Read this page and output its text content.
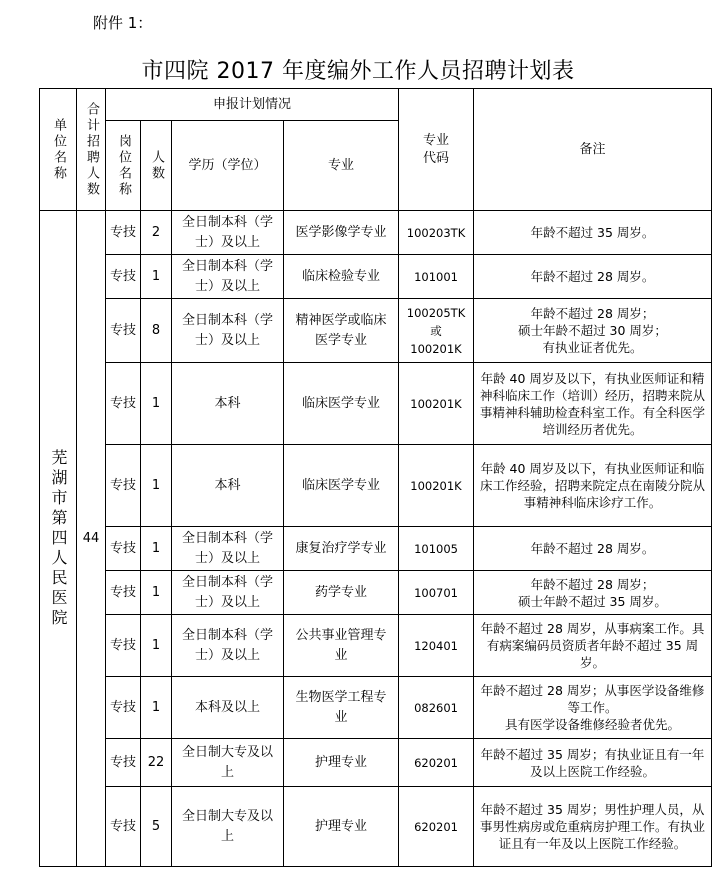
附件 1：
市四院 2017 年度编外工作人员招聘计划表
单位名称	合计招聘人数	申报计划情况				专业代码	备注

		岗位名称	人数	学历（学位）	专业		

芜湖市第四人民医院	44	专技	2	全日制本科（学士）及以上	医学影像学专业	100203TK	年龄不超过 35 周岁。

		专技	1	全日制本科（学士）及以上	临床检验专业	101001	年龄不超过 28 周岁。

		专技	8	全日制本科（学士）及以上	精神医学或临床医学专业	100205TK
或
100201K	年龄不超过 28 周岁；
硕士年龄不超过 30 周岁；
有执业证者优先。

		专技	1	本科	临床医学专业	100201K	年龄 40 周岁及以下，有执业医师证和精神科临床工作（培训）经历，招聘来院从事精神科辅助检查科室工作。有全科医学培训经历者优先。

		专技	1	本科	临床医学专业	100201K	年龄 40 周岁及以下，有执业医师证和临床工作经验，招聘来院定点在南陵分院从事精神科临床诊疗工作。

		专技	1	全日制本科（学士）及以上	康复治疗学专业	101005	年龄不超过 28 周岁。

		专技	1	全日制本科（学士）及以上	药学专业	100701	年龄不超过 28 周岁；
硕士年龄不超过 35 周岁。

		专技	1	全日制本科（学士）及以上	公共事业管理专业	120401	年龄不超过 28 周岁，从事病案工作。具有病案编码员资质者年龄不超过 35 周岁。

		专技	1	本科及以上	生物医学工程专业	082601	年龄不超过 28 周岁；从事医学设备维修等工作。
具有医学设备维修经验者优先。

		专技	22	全日制大专及以上	护理专业	620201	年龄不超过 35 周岁；有执业证且有一年及以上医院工作经验。

		专技	5	全日制大专及以上	护理专业	620201	年龄不超过 35 周岁；男性护理人员，从事男性病房或危重病房护理工作。有执业证且有一年及以上医院工作经验。
